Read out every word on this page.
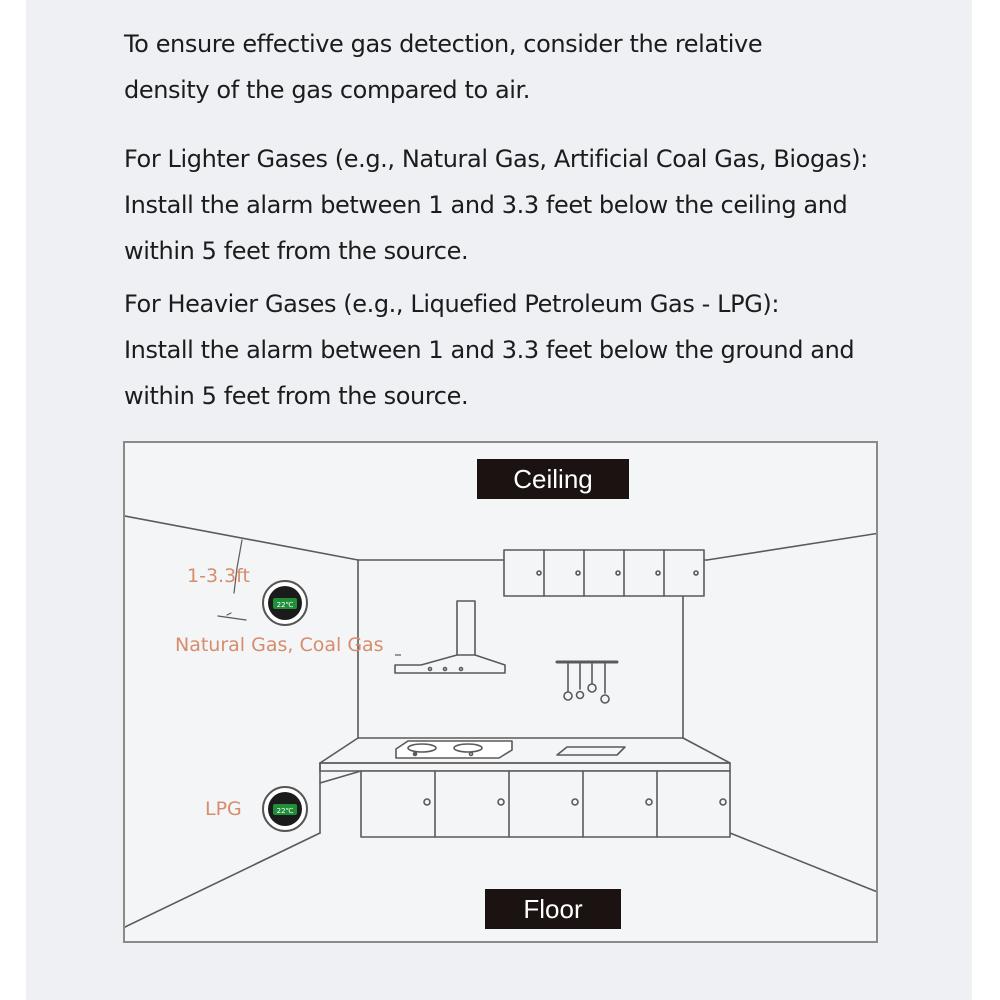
To ensure effective gas detection, consider the relative
density of the gas compared to air.
For Lighter Gases (e.g., Natural Gas, Artificial Coal Gas, Biogas):
Install the alarm between 1 and 3.3 feet below the ceiling and
within 5 feet from the source.
For Heavier Gases (e.g., Liquefied Petroleum Gas - LPG):
Install the alarm between 1 and 3.3 feet below the ground and
within 5 feet from the source.
22℃
22℃
Ceiling
Floor
1-3.3ft
Natural Gas, Coal Gas
LPG
